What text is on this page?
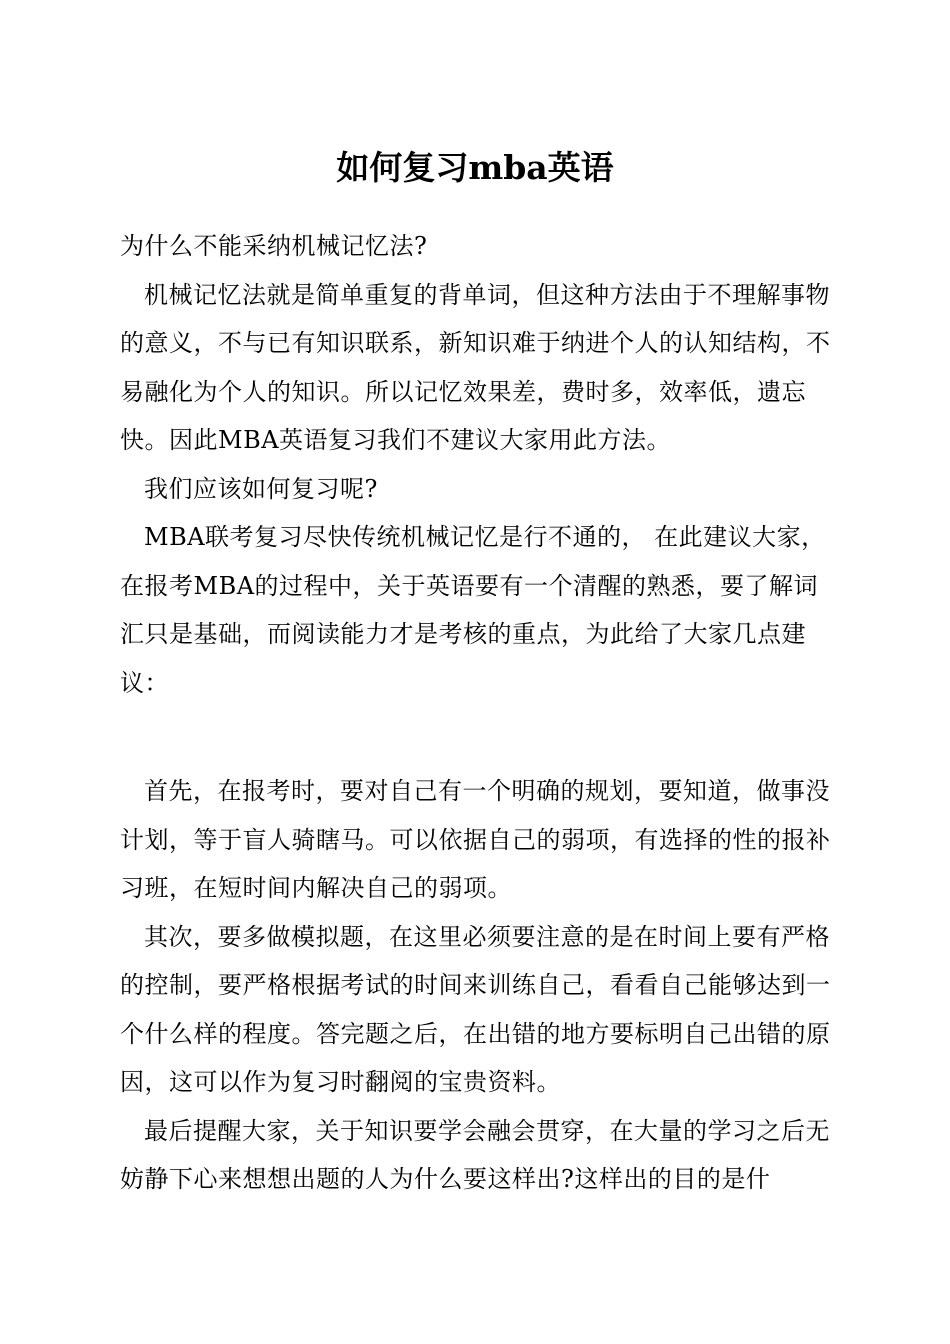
如何复习mba英语

为什么不能采纳机械记忆法?

机械记忆法就是简单重复的背单词，但这种方法由于不理解事物的意义，不与已有知识联系，新知识难于纳进个人的认知结构，不易融化为个人的知识。所以记忆效果差，费时多，效率低，遗忘快。因此MBA英语复习我们不建议大家用此方法。

我们应该如何复习呢?

MBA联考复习尽快传统机械记忆是行不通的， 在此建议大家，在报考MBA的过程中，关于英语要有一个清醒的熟悉，要了解词汇只是基础，而阅读能力才是考核的重点，为此给了大家几点建议：

首先，在报考时，要对自己有一个明确的规划，要知道，做事没计划，等于盲人骑瞎马。可以依据自己的弱项，有选择的性的报补习班，在短时间内解决自己的弱项。

其次，要多做模拟题，在这里必须要注意的是在时间上要有严格的控制，要严格根据考试的时间来训练自己，看看自己能够达到一个什么样的程度。答完题之后，在出错的地方要标明自己出错的原因，这可以作为复习时翻阅的宝贵资料。

最后提醒大家，关于知识要学会融会贯穿，在大量的学习之后无妨静下心来想想出题的人为什么要这样出?这样出的目的是什
